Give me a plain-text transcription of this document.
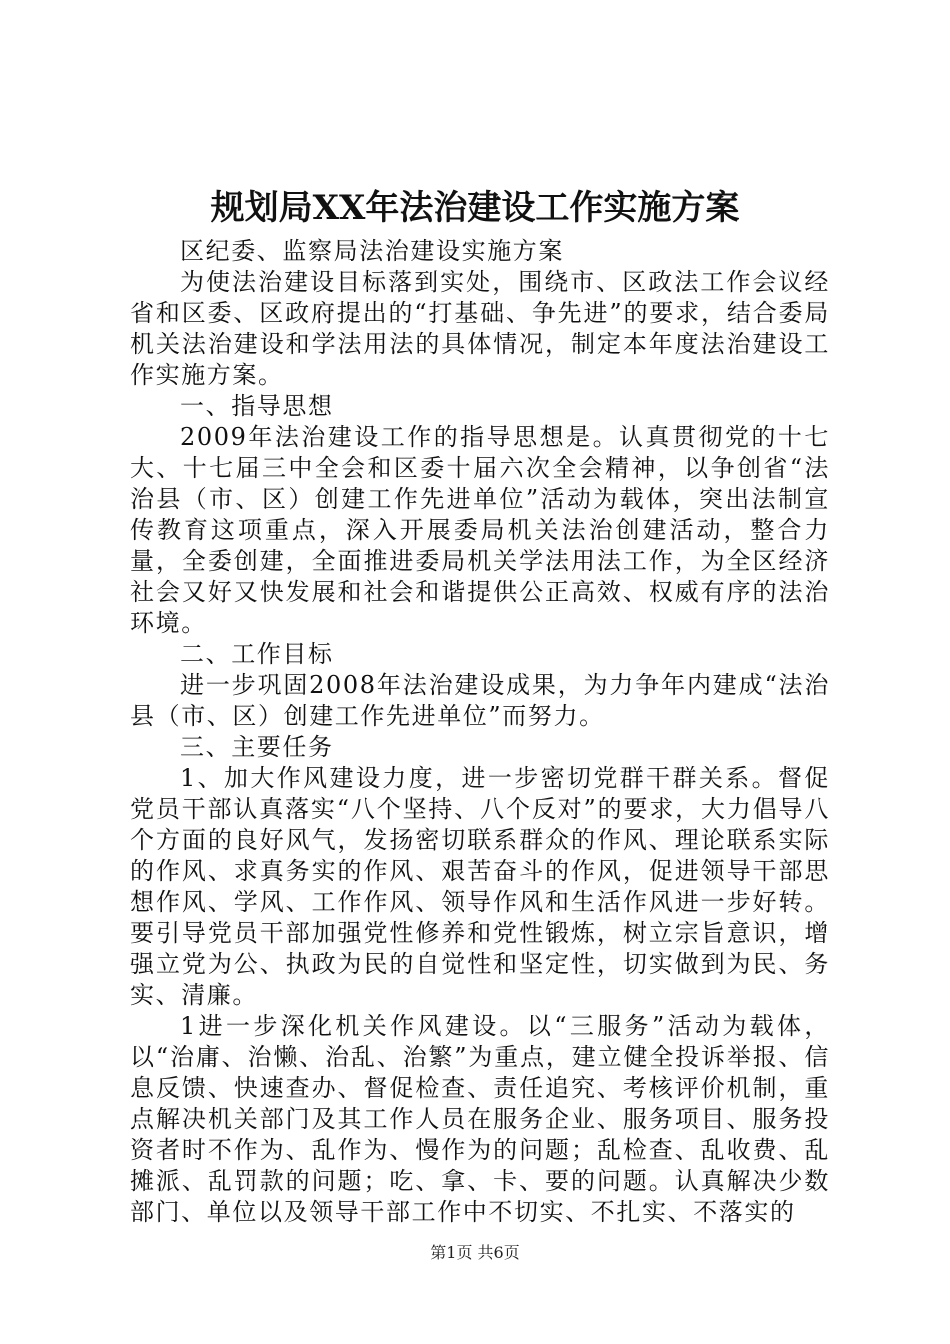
规划局XX年法治建设工作实施方案

区纪委、监察局法治建设实施方案

为使法治建设目标落到实处，围绕市、区政法工作会议经省和区委、区政府提出的“打基础、争先进”的要求，结合委局机关法治建设和学法用法的具体情况，制定本年度法治建设工作实施方案。

一、指导思想

2009年法治建设工作的指导思想是。认真贯彻党的十七大、十七届三中全会和区委十届六次全会精神，以争创省“法治县（市、区）创建工作先进单位”活动为载体，突出法制宣传教育这项重点，深入开展委局机关法治创建活动，整合力量，全委创建，全面推进委局机关学法用法工作，为全区经济社会又好又快发展和社会和谐提供公正高效、权威有序的法治环境。

二、工作目标

进一步巩固2008年法治建设成果，为力争年内建成“法治县（市、区）创建工作先进单位”而努力。

三、主要任务

1、加大作风建设力度，进一步密切党群干群关系。督促党员干部认真落实“八个坚持、八个反对”的要求，大力倡导八个方面的良好风气，发扬密切联系群众的作风、理论联系实际的作风、求真务实的作风、艰苦奋斗的作风，促进领导干部思想作风、学风、工作作风、领导作风和生活作风进一步好转。要引导党员干部加强党性修养和党性锻炼，树立宗旨意识，增强立党为公、执政为民的自觉性和坚定性，切实做到为民、务实、清廉。

1进一步深化机关作风建设。以“三服务”活动为载体，以“治庸、治懒、治乱、治繁”为重点，建立健全投诉举报、信息反馈、快速查办、督促检查、责任追究、考核评价机制，重点解决机关部门及其工作人员在服务企业、服务项目、服务投资者时不作为、乱作为、慢作为的问题；乱检查、乱收费、乱摊派、乱罚款的问题；吃、拿、卡、要的问题。认真解决少数部门、单位以及领导干部工作中不切实、不扎实、不落实的

第1页 共6页
